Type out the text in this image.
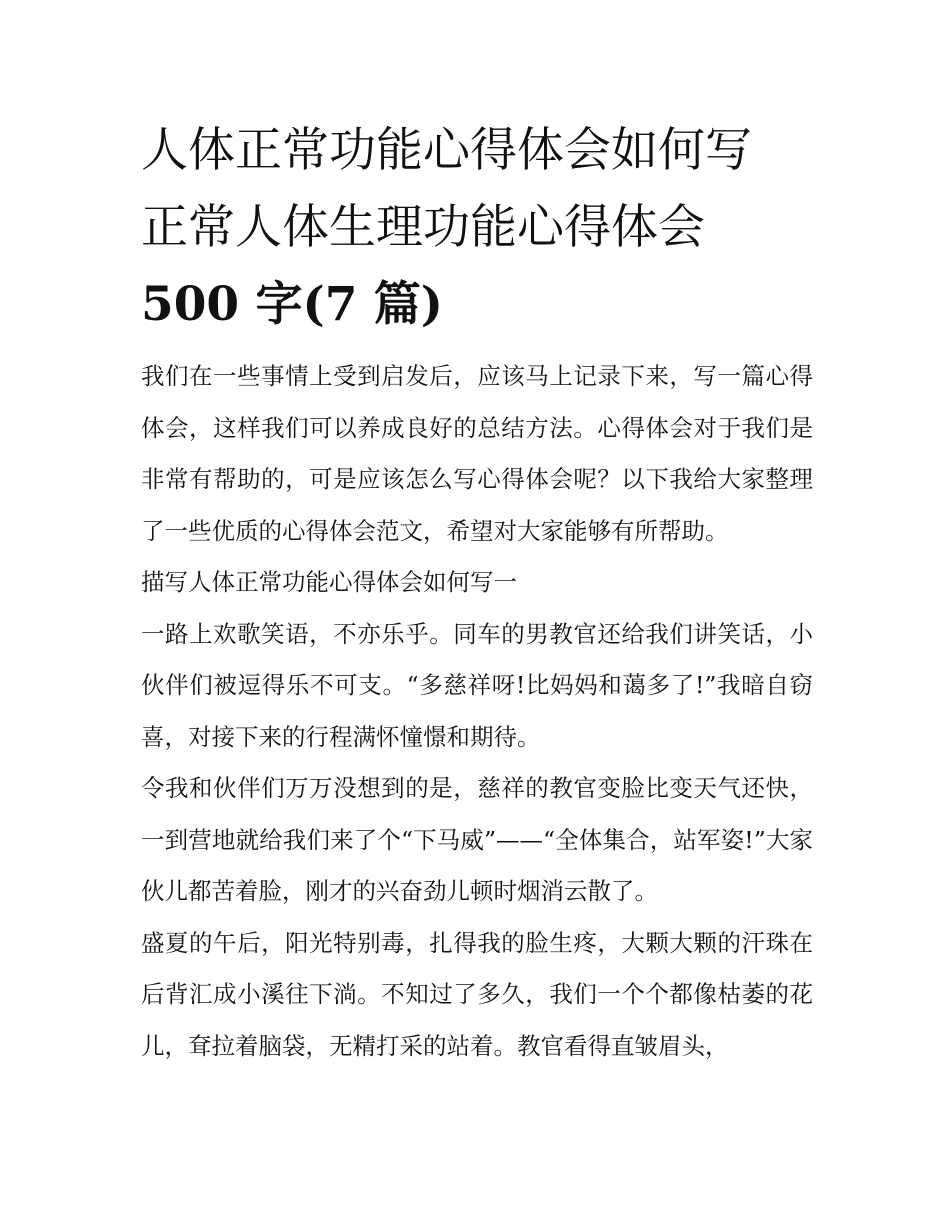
人体正常功能心得体会如何写
正常人体生理功能心得体会
500 字(7 篇)

我们在一些事情上受到启发后，应该马上记录下来，写一篇心得体会，这样我们可以养成良好的总结方法。心得体会对于我们是非常有帮助的，可是应该怎么写心得体会呢？以下我给大家整理了一些优质的心得体会范文，希望对大家能够有所帮助。

描写人体正常功能心得体会如何写一

一路上欢歌笑语，不亦乐乎。同车的男教官还给我们讲笑话，小伙伴们被逗得乐不可支。“多慈祥呀!比妈妈和蔼多了!”我暗自窃喜，对接下来的行程满怀憧憬和期待。

令我和伙伴们万万没想到的是，慈祥的教官变脸比变天气还快，一到营地就给我们来了个“下马威”——“全体集合，站军姿!”大家伙儿都苦着脸，刚才的兴奋劲儿顿时烟消云散了。

盛夏的午后，阳光特别毒，扎得我的脸生疼，大颗大颗的汗珠在后背汇成小溪往下淌。不知过了多久，我们一个个都像枯萎的花儿，耷拉着脑袋，无精打采的站着。教官看得直皱眉头，
